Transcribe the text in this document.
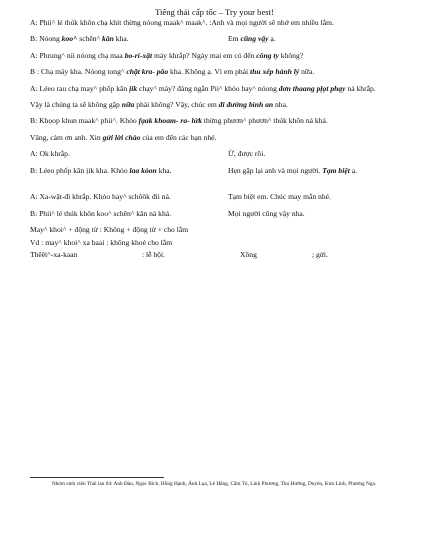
Tiếng thái cấp tốc – Try your best!

A: Phii^ lé thúk khôn chạ khít thừng nóong maak^ maak^. :Anh và mọi người sẽ nhớ em nhiều lắm.

B: Nóong koo^ schên^ kăn kha.	Em cũng vậy ạ.

A: Phrung^ nỉi nóong chạ maa bo-rí-xặt máy khrắp? Ngày mai em có đến công ty không?

B : Chạ máy kha. Nóong tong^ chặt kra- păo kha. Không ạ. Vì em phải thu xếp hành lý nữa.

A: Léeo rau chạ may^ phốp kăn ịik chạy^ mảy? đàng ngắn Pii^ khỏo hay^ nóong đơn thaang pḷọt phạy ná khrắp.

Vậy là chúng ta sẽ không gặp nữa phải không? Vậy, chúc em đi đường bình an nha.

B: Khọop khun maak^ phii^. Khỏo fạak khoam- ra- lứk thừng phươn^ phươn^ thúk khôn ná khá.

Vâng, cảm ơn anh. Xin gửi lời chào của em đến các bạn nhé.

A: Ok khrắp.	Ừ, được rồi.
B: Léeo phốp kăn ịik kha. Khỏo laa kòon kha.	Hẹn gặp lại anh và mọi người. Tạm biệt ạ.
A: Xa-wặt-đi khrắp. Khỏo hay^ schôôk đii ná.	Tạm biệt em. Chúc may mắn nhé.
B: Phii^ lé thúk khôn koo^ schên^ kăn ná khá.	Mọi người cũng vậy nha.

May^ khoi^ + động từ : Không + động từ + cho lắm

Vd : may^ khoi^ xa baai : không khoẻ cho lắm

Thêêt^-xa-kaan	: lễ hội.	Xồng	; gửi.
Nhóm sinh viên Thái lan 04: Anh Đào, Ngọc Bích, Hồng Hạnh, Ánh Lụa, Lê Hằng, Cẩm Tú, Linh Phương, Thu Hường, Duyên, Kim Linh, Phương Nga.
